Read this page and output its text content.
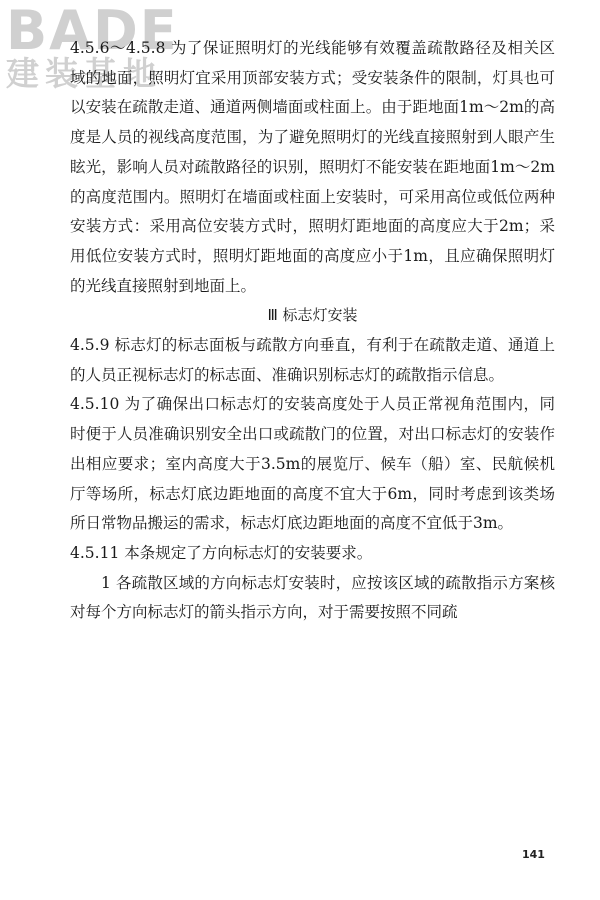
BADE
建装基地

4.5.6～4.5.8 为了保证照明灯的光线能够有效覆盖疏散路径及相关区域的地面，照明灯宜采用顶部安装方式；受安装条件的限制，灯具也可以安装在疏散走道、通道两侧墙面或柱面上。由于距地面1m～2m的高度是人员的视线高度范围，为了避免照明灯的光线直接照射到人眼产生眩光，影响人员对疏散路径的识别，照明灯不能安装在距地面1m～2m的高度范围内。照明灯在墙面或柱面上安装时，可采用高位或低位两种安装方式：采用高位安装方式时，照明灯距地面的高度应大于2m；采用低位安装方式时，照明灯距地面的高度应小于1m，且应确保照明灯的光线直接照射到地面上。

Ⅲ 标志灯安装

4.5.9 标志灯的标志面板与疏散方向垂直，有利于在疏散走道、通道上的人员正视标志灯的标志面、准确识别标志灯的疏散指示信息。

4.5.10 为了确保出口标志灯的安装高度处于人员正常视角范围内，同时便于人员准确识别安全出口或疏散门的位置，对出口标志灯的安装作出相应要求；室内高度大于3.5m的展览厅、候车（船）室、民航候机厅等场所，标志灯底边距地面的高度不宜大于6m，同时考虑到该类场所日常物品搬运的需求，标志灯底边距地面的高度不宜低于3m。

4.5.11 本条规定了方向标志灯的安装要求。

1 各疏散区域的方向标志灯安装时，应按该区域的疏散指示方案核对每个方向标志灯的箭头指示方向，对于需要按照不同疏

141
